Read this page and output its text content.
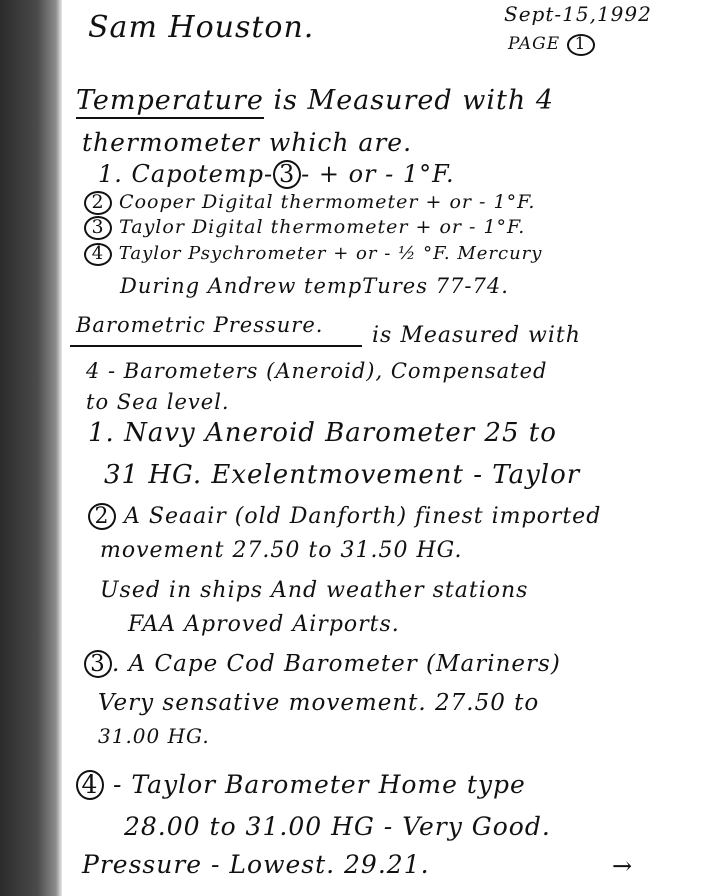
Sam Houston.	Sept-15,1992
PAGE 1
Temperature is Measured with 4
thermometer which are.
1. Capotemp- 3 - + or - 1°F.
2 Cooper Digital thermometer + or - 1°F.
3 Taylor Digital thermometer + or - 1°F.
4 Taylor Psychrometer + or - ½ °F. Mercury
During Andrew tempTures 77-74.
Barometric Pressure. is Measured with
4 - Barometers (Aneroid), Compensated
to Sea level.
1. Navy Aneroid Barometer 25 to
31 HG. Exelentmovement - Taylor
2 A Seaair (old Danforth) finest imported
movement 27.50 to 31.50 HG.
Used in ships And weather stations
FAA Aproved Airports.
3 . A Cape Cod Barometer (Mariners)
Very sensative movement. 27.50 to
31.00 HG.
4 - Taylor Barometer Home type
28.00 to 31.00 HG - Very Good.
Pressure - Lowest. 29.21.	→
